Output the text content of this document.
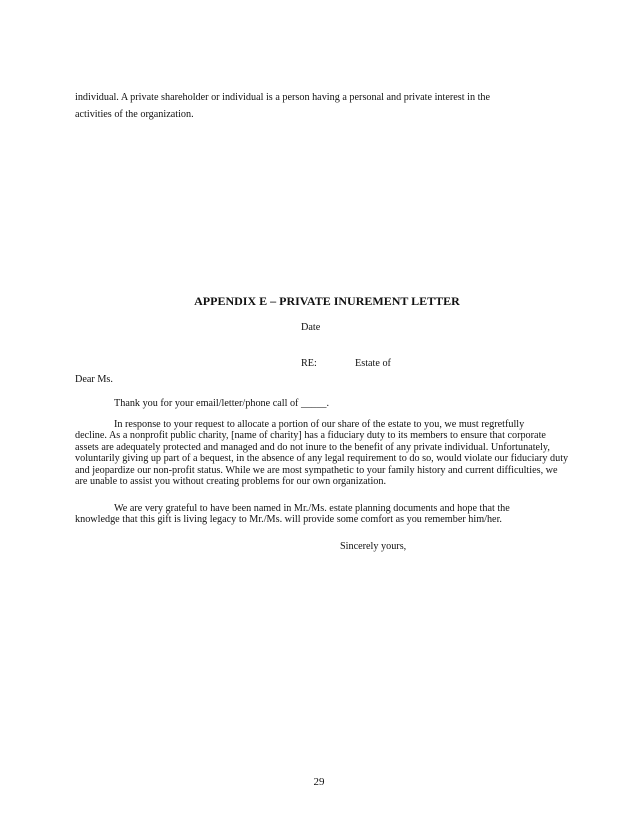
individual. A private shareholder or individual is a person having a personal and private interest in the
activities of the organization.
APPENDIX E – PRIVATE INUREMENT LETTER
Date
RE:	Estate of
Dear Ms.
Thank you for your email/letter/phone call of _____.
In response to your request to allocate a portion of our share of the estate to you, we must regretfully
decline. As a nonprofit public charity, [name of charity] has a fiduciary duty to its members to ensure that corporate
assets are adequately protected and managed and do not inure to the benefit of any private individual. Unfortunately,
voluntarily giving up part of a bequest, in the absence of any legal requirement to do so, would violate our fiduciary duty
and jeopardize our non-profit status. While we are most sympathetic to your family history and current difficulties, we
are unable to assist you without creating problems for our own organization.
We are very grateful to have been named in Mr./Ms. estate planning documents and hope that the
knowledge that this gift is living legacy to Mr./Ms. will provide some comfort as you remember him/her.
Sincerely yours,
29
